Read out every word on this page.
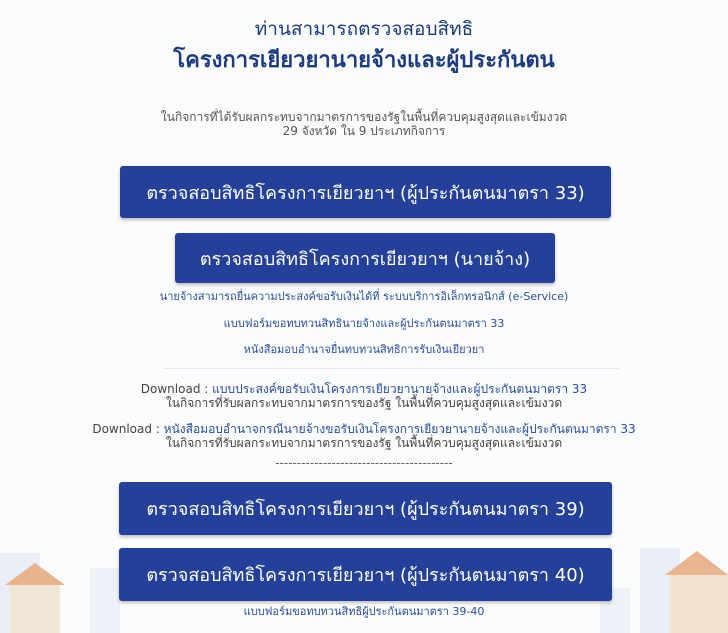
ท่านสามารถตรวจสอบสิทธิ
โครงการเยียวยานายจ้างและผู้ประกันตน
ในกิจการที่ได้รับผลกระทบจากมาตรการของรัฐในพื้นที่ควบคุมสูงสุดและเข้มงวด
29 จังหวัด ใน 9 ประเภทกิจการ
ตรวจสอบสิทธิโครงการเยียวยาฯ (ผู้ประกันตนมาตรา 33)
ตรวจสอบสิทธิโครงการเยียวยาฯ (นายจ้าง)
นายจ้างสามารถยื่นความประสงค์ขอรับเงินได้ที่ ระบบบริการอิเล็กทรอนิกส์ (e-Service)
แบบฟอร์มขอทบทวนสิทธินายจ้างและผู้ประกันตนมาตรา 33
หนังสือมอบอำนาจยื่นทบทวนสิทธิการรับเงินเยียวยา
Download : แบบประสงค์ขอรับเงินโครงการเยียวยานายจ้างและผู้ประกันตนมาตรา 33
ในกิจการที่รับผลกระทบจากมาตรการของรัฐ ในพื้นที่ควบคุมสูงสุดและเข้มงวด
Download : หนังสือมอบอำนาจกรณีนายจ้างขอรับเงินโครงการเยียวยานายจ้างและผู้ประกันตนมาตรา 33
ในกิจการที่รับผลกระทบจากมาตรการของรัฐ ในพื้นที่ควบคุมสูงสุดและเข้มงวด
-----------------------------------------
ตรวจสอบสิทธิโครงการเยียวยาฯ (ผู้ประกันตนมาตรา 39)
ตรวจสอบสิทธิโครงการเยียวยาฯ (ผู้ประกันตนมาตรา 40)
แบบฟอร์มขอทบทวนสิทธิผู้ประกันตนมาตรา 39-40
